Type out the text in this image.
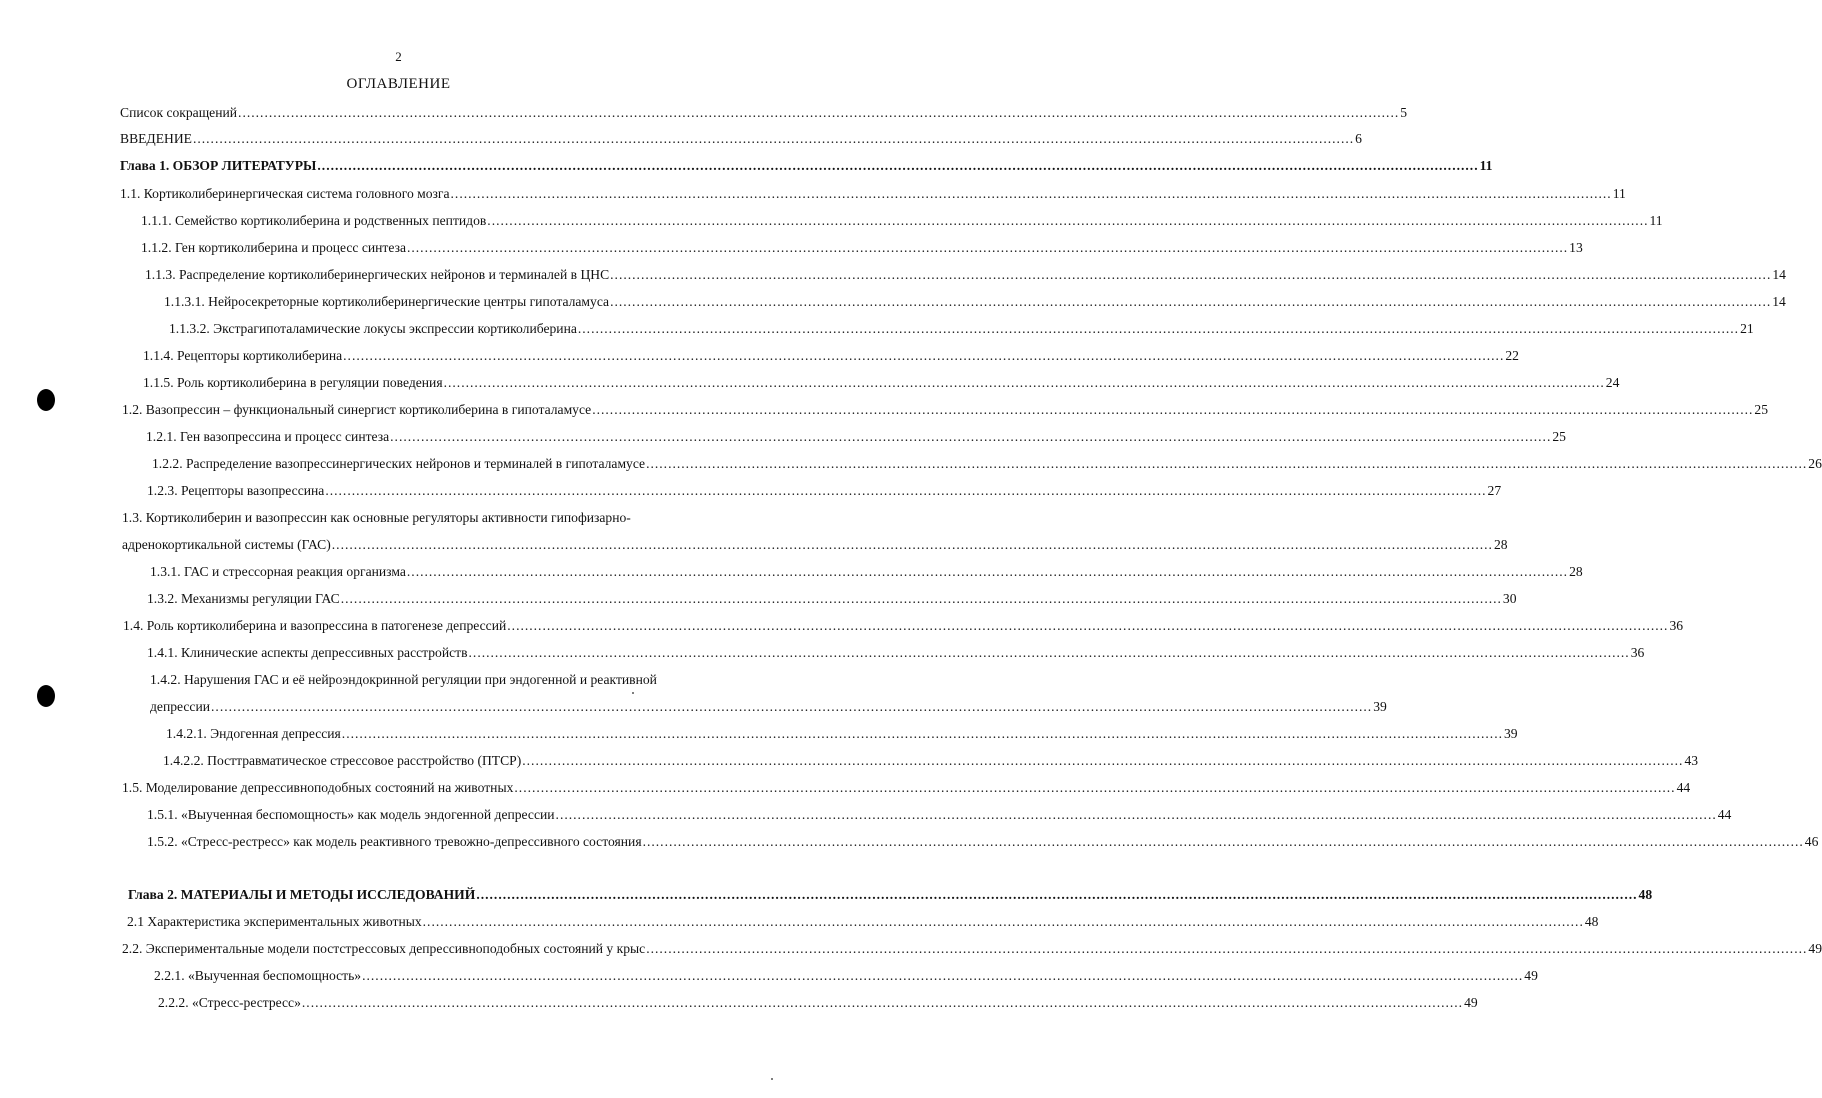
2
ОГЛАВЛЕНИЕ
Список сокращений .....	5
ВВЕДЕНИЕ .....	6
Глава 1. ОБЗОР ЛИТЕРАТУРЫ .....	11
1.1. Кортиколиберинергическая система головного мозга .....	11
1.1.1. Семейство кортиколиберина и родственных пептидов .....	11
1.1.2. Ген кортиколиберина и процесс синтеза .....	13
1.1.3. Распределение кортиколиберинергических нейронов и терминалей в ЦНС .....	14
1.1.3.1. Нейросекреторные кортиколиберинергические центры гипоталамуса .....	14
1.1.3.2. Экстрагипоталамические локусы экспрессии кортиколиберина .....	21
1.1.4. Рецепторы кортиколиберина .....	22
1.1.5. Роль кортиколиберина в регуляции поведения .....	24
1.2. Вазопрессин – функциональный синергист кортиколиберина в гипоталамусе .....	25
1.2.1. Ген вазопрессина и процесс синтеза .....	25
1.2.2. Распределение вазопрессинергических нейронов и терминалей в гипоталамусе .....	26
1.2.3. Рецепторы вазопрессина .....	27
1.3. Кортиколиберин и вазопрессин как основные регуляторы активности гипофизарно-
адренокортикальной системы (ГАС) .....	28
1.3.1. ГАС и стрессорная реакция организма .....	28
1.3.2. Механизмы регуляции ГАС .....	30
1.4. Роль кортиколиберина и вазопрессина в патогенезе депрессий .....	36
1.4.1. Клинические аспекты депрессивных расстройств .....	36
1.4.2. Нарушения ГАС и её нейроэндокринной регуляции при эндогенной и реактивной
депрессии .....	39
1.4.2.1. Эндогенная депрессия .....	39
1.4.2.2. Посттравматическое стрессовое расстройство (ПТСР) .....	43
1.5. Моделирование депрессивноподобных состояний на животных .....	44
1.5.1. «Выученная беспомощность» как модель эндогенной депрессии .....	44
1.5.2. «Стресс-рестресс» как модель реактивного тревожно-депрессивного состояния .....	46
Глава 2. МАТЕРИАЛЫ И МЕТОДЫ ИССЛЕДОВАНИЙ .....	48
2.1 Характеристика экспериментальных животных .....	48
2.2. Экспериментальные модели постстрессовых депрессивноподобных состояний у крыс .....	49
2.2.1. «Выученная беспомощность» .....	49
2.2.2. «Стресс-рестресс» .....	49
